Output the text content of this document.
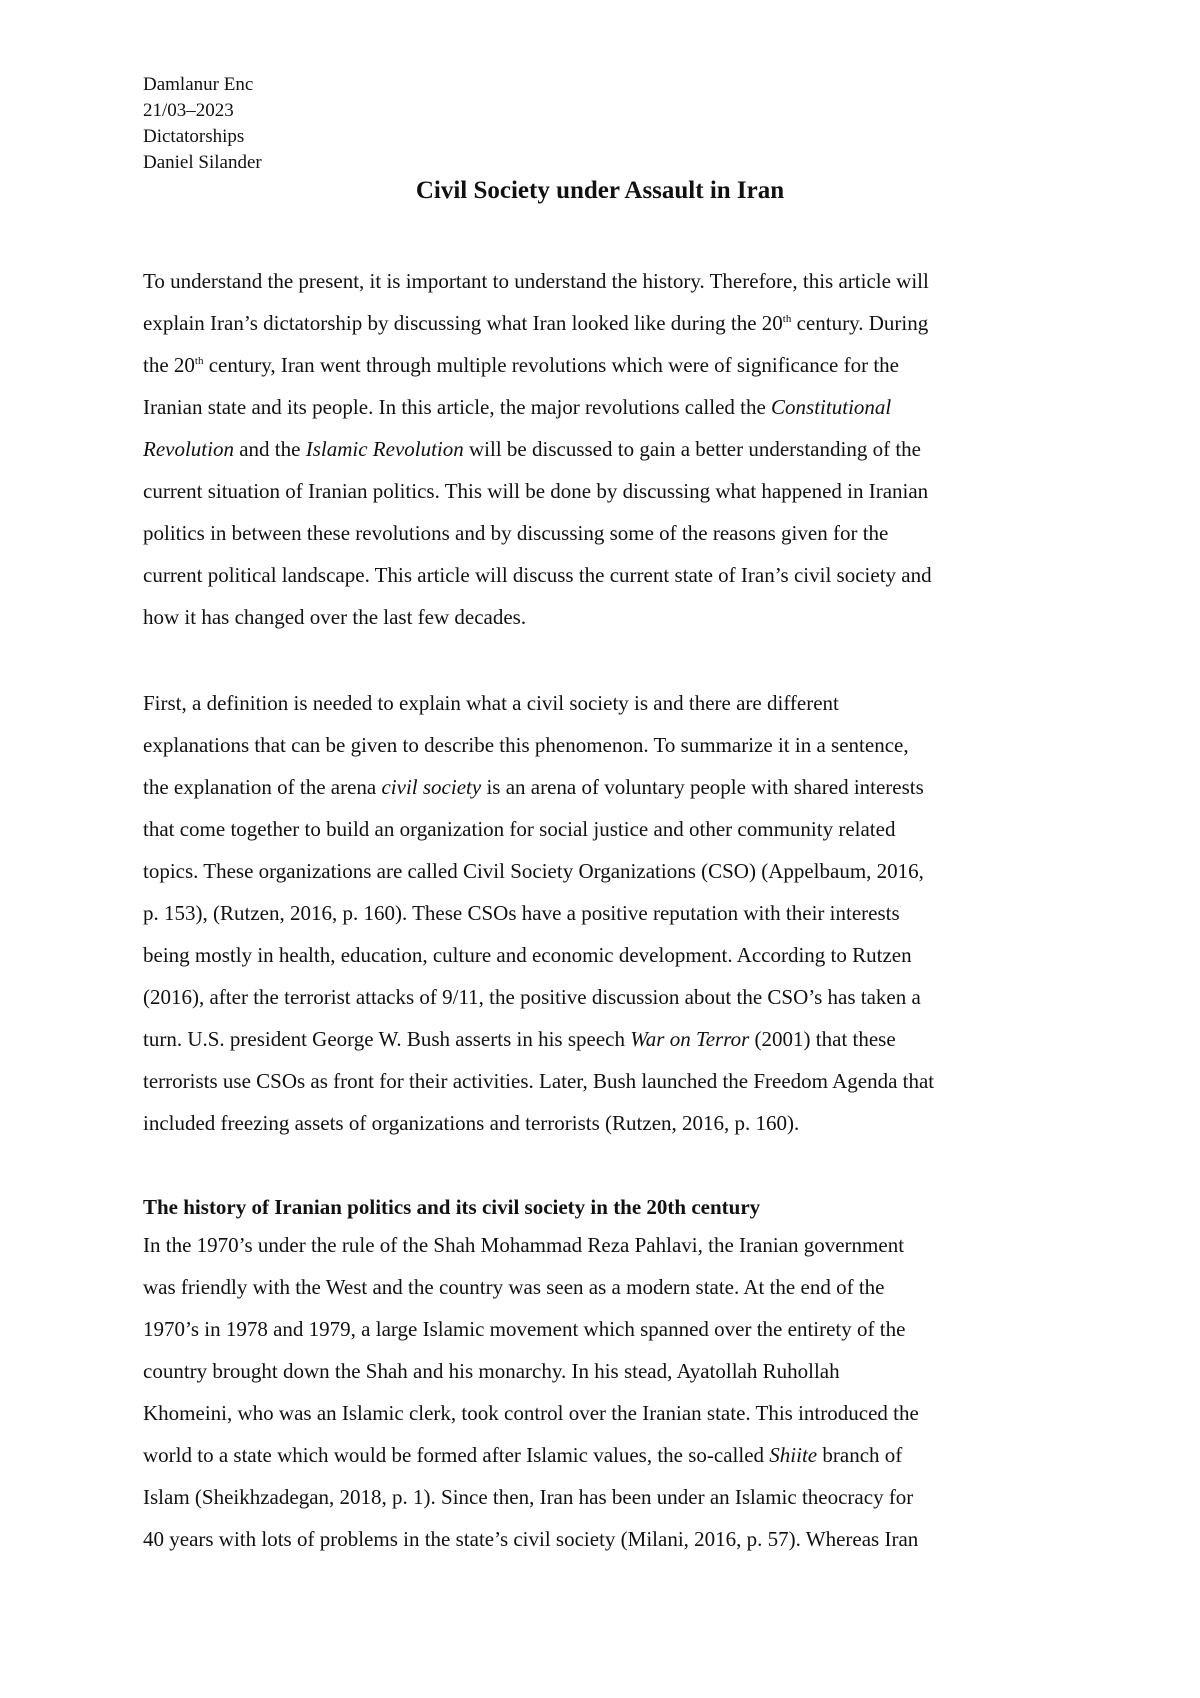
Damlanur Enc
21/03–2023
Dictatorships
Daniel Silander
Civil Society under Assault in Iran
To understand the present, it is important to understand the history. Therefore, this article will
explain Iran’s dictatorship by discussing what Iran looked like during the 20th century. During
the 20th century, Iran went through multiple revolutions which were of significance for the
Iranian state and its people. In this article, the major revolutions called the Constitutional
Revolution and the Islamic Revolution will be discussed to gain a better understanding of the
current situation of Iranian politics. This will be done by discussing what happened in Iranian
politics in between these revolutions and by discussing some of the reasons given for the
current political landscape. This article will discuss the current state of Iran’s civil society and
how it has changed over the last few decades.
First, a definition is needed to explain what a civil society is and there are different
explanations that can be given to describe this phenomenon. To summarize it in a sentence,
the explanation of the arena civil society is an arena of voluntary people with shared interests
that come together to build an organization for social justice and other community related
topics. These organizations are called Civil Society Organizations (CSO) (Appelbaum, 2016,
p. 153), (Rutzen, 2016, p. 160). These CSOs have a positive reputation with their interests
being mostly in health, education, culture and economic development. According to Rutzen
(2016), after the terrorist attacks of 9/11, the positive discussion about the CSO’s has taken a
turn. U.S. president George W. Bush asserts in his speech War on Terror (2001) that these
terrorists use CSOs as front for their activities. Later, Bush launched the Freedom Agenda that
included freezing assets of organizations and terrorists (Rutzen, 2016, p. 160).
The history of Iranian politics and its civil society in the 20th century
In the 1970’s under the rule of the Shah Mohammad Reza Pahlavi, the Iranian government
was friendly with the West and the country was seen as a modern state. At the end of the
1970’s in 1978 and 1979, a large Islamic movement which spanned over the entirety of the
country brought down the Shah and his monarchy. In his stead, Ayatollah Ruhollah
Khomeini, who was an Islamic clerk, took control over the Iranian state. This introduced the
world to a state which would be formed after Islamic values, the so-called Shiite branch of
Islam (Sheikhzadegan, 2018, p. 1). Since then, Iran has been under an Islamic theocracy for
40 years with lots of problems in the state’s civil society (Milani, 2016, p. 57). Whereas Iran
